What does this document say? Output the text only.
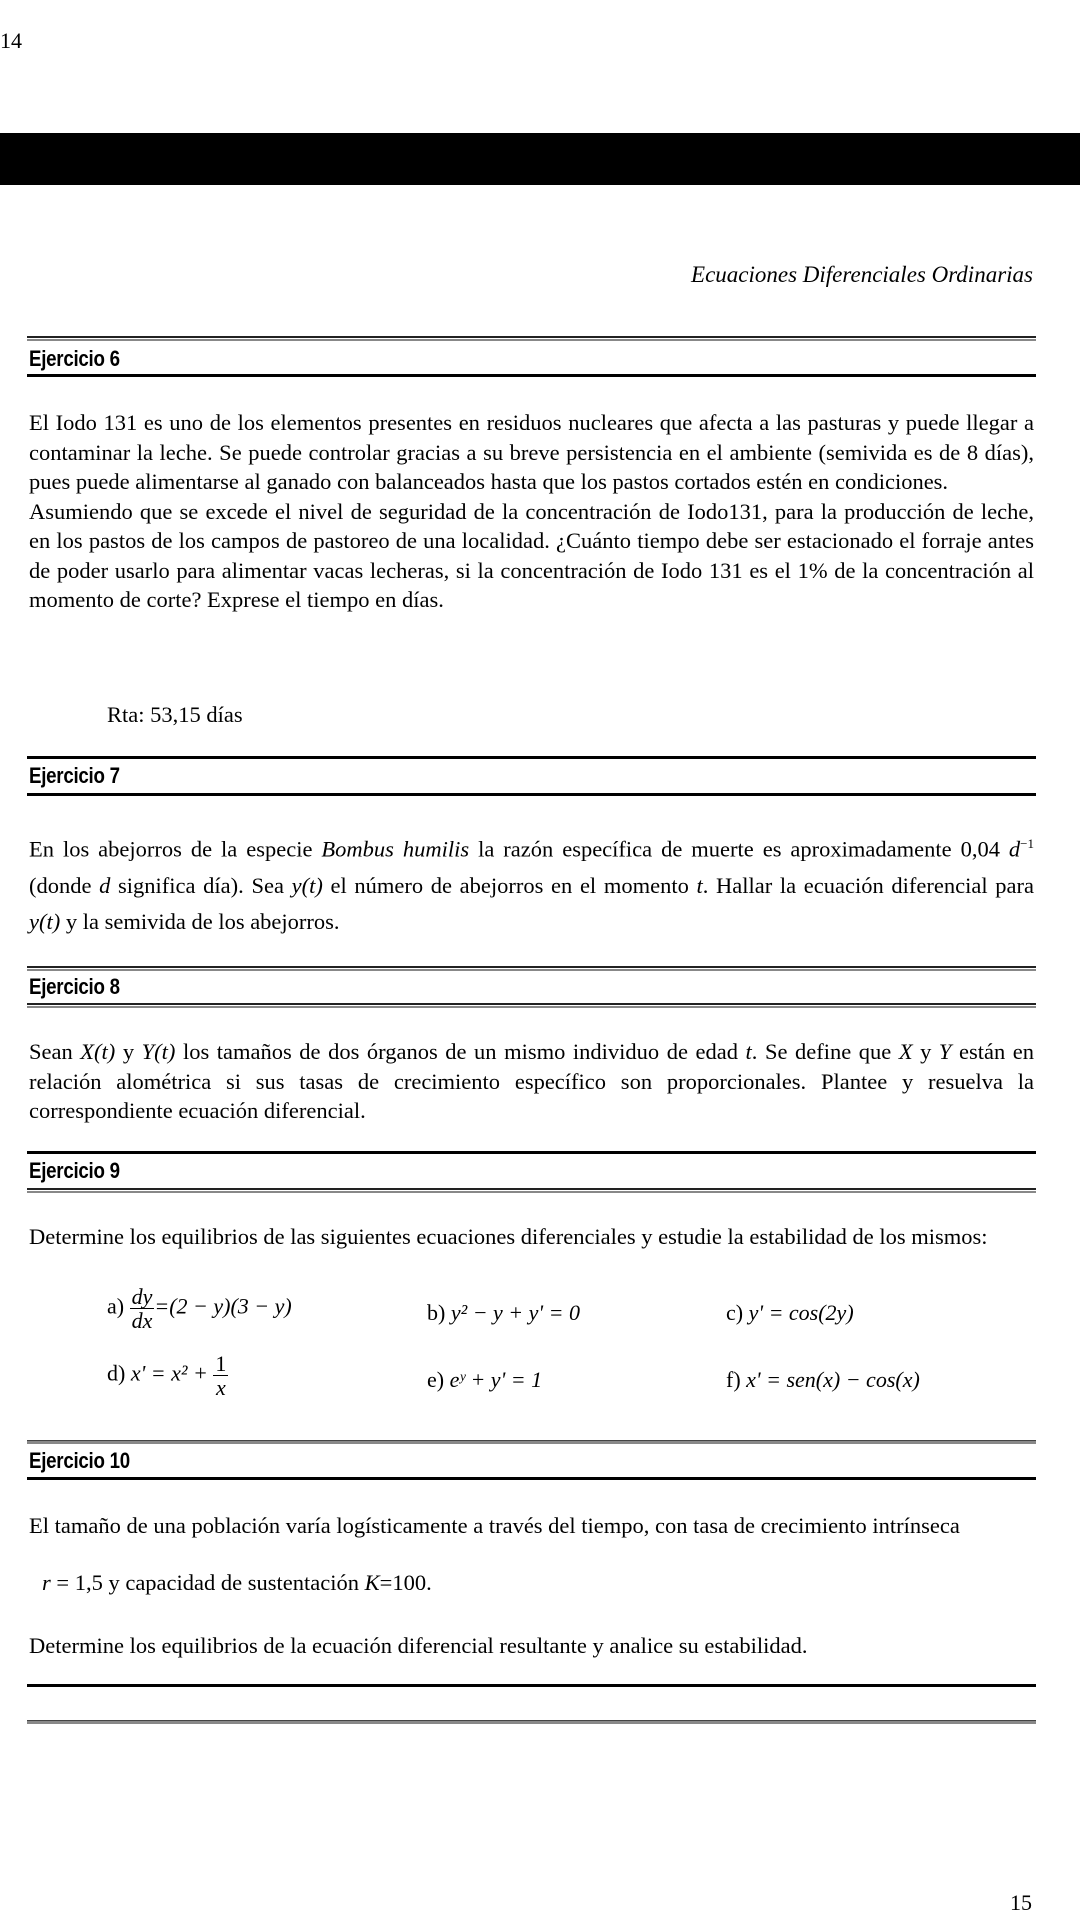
14
Ecuaciones Diferenciales Ordinarias
Ejercicio 6

El Iodo 131 es uno de los elementos presentes en residuos nucleares que afecta a las pasturas y puede llegar a contaminar la leche. Se puede controlar gracias a su breve persistencia en el ambiente (semivida es de 8 días), pues puede alimentarse al ganado con balanceados hasta que los pastos cortados estén en condiciones.

Asumiendo que se excede el nivel de seguridad de la concentración de Iodo131, para la producción de leche, en los pastos de los campos de pastoreo de una localidad. ¿Cuánto tiempo debe ser estacionado el forraje antes de poder usarlo para alimentar vacas lecheras, si la concentración de Iodo 131 es el 1% de la concentración al momento de corte? Exprese el tiempo en días.

Rta: 53,15 días
Ejercicio 7
En los abejorros de la especie Bombus humilis la razón específica de muerte es aproximadamente 0,04 $d^{-1}$ (donde d significa día). Sea y(t) el número de abejorros en el momento t. Hallar la ecuación diferencial para y(t) y la semivida de los abejorros.
Ejercicio 8
Sean X(t) y Y(t) los tamaños de dos órganos de un mismo individuo de edad t. Se define que X y Y están en relación alométrica si sus tasas de crecimiento específico son proporcionales. Plantee y resuelva la correspondiente ecuación diferencial.
Ejercicio 9
Determine los equilibrios de las siguientes ecuaciones diferenciales y estudie la estabilidad de los mismos:
$a) \frac{dy}{dx} =(2 - y)(3 - y)$	b) y² − y + y' = 0	c) y' = cos(2y)
d) $x' = x^2 + \frac{1}{x}$	e) eʸ + y' = 1	f) x' = sen(x) − cos(x)
Ejercicio 10
El tamaño de una población varía logísticamente a través del tiempo, con tasa de crecimiento intrínseca
r = 1,5 y capacidad de sustentación K=100.
Determine los equilibrios de la ecuación diferencial resultante y analice su estabilidad.
15
